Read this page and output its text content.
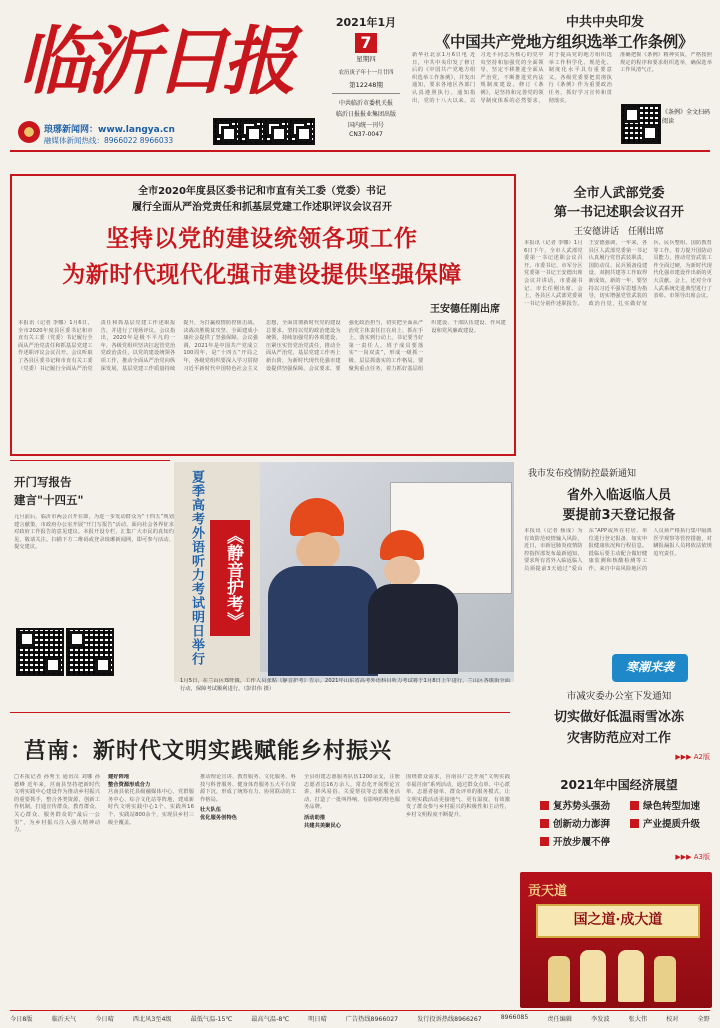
临沂日报
琅琊新闻网：www.langya.cn
融媒体新闻热线：8966022 8966033
2021年1月
7
星期四
农历庚子年十一月廿四
第12248期
中共临沂市委机关报
临沂日报报业集团出版
国内统一刊号
CN37-0047
中共中央印发
《中国共产党地方组织选举工作条例》
新华社北京1月6日电 近日，中共中央印发了修订后的《中国共产党地方组织选举工作条例》，并发出通知，要求各地区各部门认真遵照执行。通知指出，党的十八大以来，以习近平同志为核心的党中央坚持和加强党的全面领导，坚定不移推进全面从严治党，不断推进党内法规制度建设。修订《条例》，是坚持和完善党的领导制度体系的必然要求，对于提高党的地方组织选举工作科学化、规范化、制度化水平具有重要意义。各级党委要把贯彻执行《条例》作为重要政治任务，抓好学习宣传和贯彻落实。
准确把握《条例》精神实质，严格按照规定的程序和要求组织选举，确保选举工作风清气正。
《条例》全文扫码阅读
全市2020年度县区委书记和市直有关工委（党委）书记
履行全面从严治党责任和抓基层党建工作述职评议会议召开
坚持以党的建设统领各项工作
为新时代现代化强市建设提供坚强保障
王安德任刚出席
本报讯（记者 李娜）1月6日，全市2020年度县区委书记和市直有关工委（党委）书记履行全面从严治党责任和抓基层党建工作述职评议会议召开。会议听取了各县区委书记和市直有关工委（党委）书记履行全面从严治党责任和抓基层党建工作述职报告，并进行了现场评议。会议指出，2020年是极不平凡的一年，各级党组织坚决扛起管党治党政治责任，以党的建设统领各项工作，推动全面从严治党向纵深发展，基层党建工作质量持续提升，为打赢疫情防控阻击战、决战决胜脱贫攻坚、全面建成小康社会提供了坚强保障。会议强调，2021年是中国共产党成立100周年，是“十四五”开局之年，各级党组织要深入学习贯彻习近平新时代中国特色社会主义思想，全面贯彻新时代党的建设总要求，坚持以党的政治建设为统领，持续加强党的各项建设，压紧压实管党治党责任，推动全面从严治党、基层党建工作再上新台阶，为新时代现代化强市建设提供坚强保障。会议要求，要强化政治担当，切实把全面从严治党主体责任扛在肩上、抓在手上、落实到行动上，书记要当好第一责任人，班子成员要落实“一岗双责”，形成一级抓一级、层层抓落实的工作格局。要聚焦重点任务，着力抓好基层组织建设、干部队伍建设、作风建设和党风廉政建设。
全市人武部党委
第一书记述职会议召开
王安德讲话　任刚出席
本报讯（记者 李娜）1月6日下午，全市人武部党委第一书记述职会议召开。市委书记、市军分区党委第一书记王安德出席会议并讲话，市委副书记、市长任刚出席。会上，各县区人武部党委第一书记分别作述职报告。王安德强调，一年来，各县区人武部党委第一书记认真履行党管武装职责，国防动员、民兵预备役建设、双拥共建等工作取得新成效。新的一年，要坚持以习近平强军思想为指导，切实增强党管武装的政治自觉，扎实做好征兵、民兵整组、国防教育等工作，着力提升国防动员能力，推动党管武装工作全面过硬，为新时代现代化强市建设作出新的更大贡献。会上，还对全市人武系统先进典型进行了表彰。市领导出席会议。
开门写报告
建言"十四五"
元旦前后，临沂市两会召开在即，为进一步发动群众为“十四五”规划建言献策，市政府办公室开展“开门写报告”活动，面向社会各界征求对政府工作报告的意见建议。本报开设专栏，汇集广大市民的真知灼见，敬请关注。扫描下方二维码或登录琅琊新闻网，即可参与活动、提交建议。	夏季高考外语听力考试明日举行	《静音护考》
1月5日，在兰山区郑旺镇，工作人员张贴《静音护考》告示。2021年山东省高考外语科目听力考试将于1月8日上午进行，兰山区各镇街全面行动，保障考试顺利进行。（彭洪伟 摄）
我市发布疫情防控最新通知
省外入临返临人员
要提前3天登记报备
本报讯（记者 杨成）为有效防范疫情输入风险，近日，市新冠肺炎疫情防控指挥部发布最新通知，要求所有省外入临返临人员须提前3天通过“爱山东”APP或所在村居、单位进行登记报备，如实申报健康状况和行程信息。抵临后要主动配合做好健康监测和核酸检测等工作。来自中高风险地区的人员须严格执行集中隔离医学观察等管控措施，对瞒报漏报人员将依法依规追究责任。
莒南：新时代文明实践赋能乡村振兴
□本报记者 孙秀玉 通讯员 刘娜 孙德峰 近年来，莒南县坚持把新时代文明实践中心建设作为推动乡村振兴的重要抓手，整合各类资源，创新工作机制，打通宣传群众、教育群众、关心群众、服务群众的“最后一公里”，为乡村振兴注入强大精神动力。
建好阵地
整合资源形成合力
莒南县依托县级融媒体中心、党群服务中心、综合文化站等阵地，建成新时代文明实践中心1个、实践所16个、实践站800余个，实现县乡村三级全覆盖。
推动理论宣讲、教育服务、文化服务、科技与科普服务、健身体育服务五大平台资源下沉，形成了统筹有力、协同联动的工作格局。
壮大队伍
优化服务创特色
全县组建志愿服务队伍1200余支，注册志愿者达16万余人，常态化开展理论宣讲、移风易俗、关爱帮扶等志愿服务活动，打造了一批叫得响、有影响的特色服务品牌。
活动助推
共建共美聚民心
围绕群众需求，莒南县广泛开展“文明实践 幸福莒南”系列活动，通过群众点单、中心派单、志愿者接单、群众评单的服务模式，让文明实践活动更接地气、更有温度，有效激发了群众参与乡村振兴的积极性和主动性，乡村文明程度不断提升。
寒潮来袭
市减灾委办公室下发通知
切实做好低温雨雪冰冻
灾害防范应对工作
▶▶▶ A2版
2021年中国经济展望
复苏势头强劲	绿色转型加速
创新动力澎湃	产业提质升级
开放步履不停
▶▶▶ A3版
贡天道
国之道·成大道
今日8版	临沂天气	今日晴	西北风3至4级	最低气温-15℃	最高气温-8℃	明日晴	广告热线8966027	发行投诉热线8966267	8966085	责任编辑	李发波	张大伟	校对	全野
